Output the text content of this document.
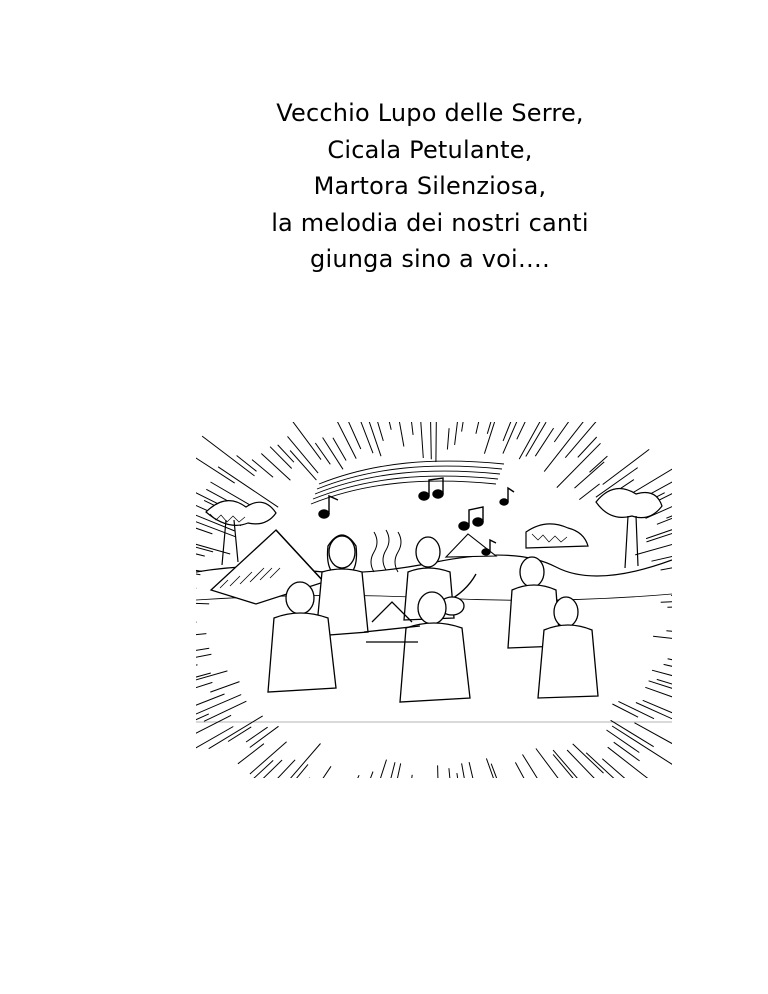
Vecchio Lupo delle Serre,
Cicala Petulante,
Martora Silenziosa,
la melodia dei nostri canti
giunga sino a voi….
